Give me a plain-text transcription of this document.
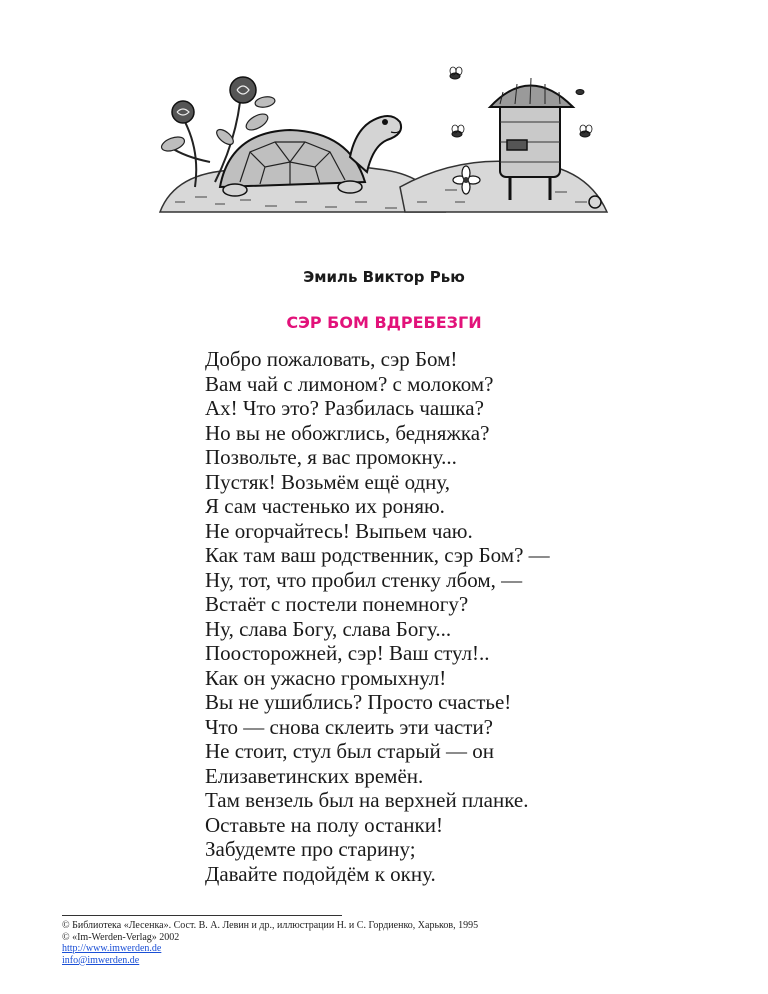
Эмиль Виктор Рью
СЭР БОМ ВДРЕБЕЗГИ
Добро пожаловать, сэр Бом!
Вам чай с лимоном? с молоком?
Ах! Что это? Разбилась чашка?
Но вы не обожглись, бедняжка?
Позвольте, я вас промокну...
Пустяк! Возьмём ещё одну,
Я сам частенько их роняю.
Не огорчайтесь! Выпьем чаю.
Как там ваш родственник, сэр Бом? —
Ну, тот, что пробил стенку лбом, —
Встаёт с постели понемногу?
Ну, слава Богу, слава Богу...
Поосторожней, сэр! Ваш стул!..
Как он ужасно громыхнул!
Вы не ушиблись? Просто счастье!
Что — снова склеить эти части?
Не стоит, стул был старый — он
Елизаветинских времён.
Там вензель был на верхней планке.
Оставьте на полу останки!
Забудемте про старину;
Давайте подойдём к окну.
© Библиотека «Лесенка». Сост. В. А. Левин и др., иллюстрации Н. и С. Гордиенко, Харьков, 1995
© «Im-Werden-Verlag» 2002
http://www.imwerden.de
info@imwerden.de
